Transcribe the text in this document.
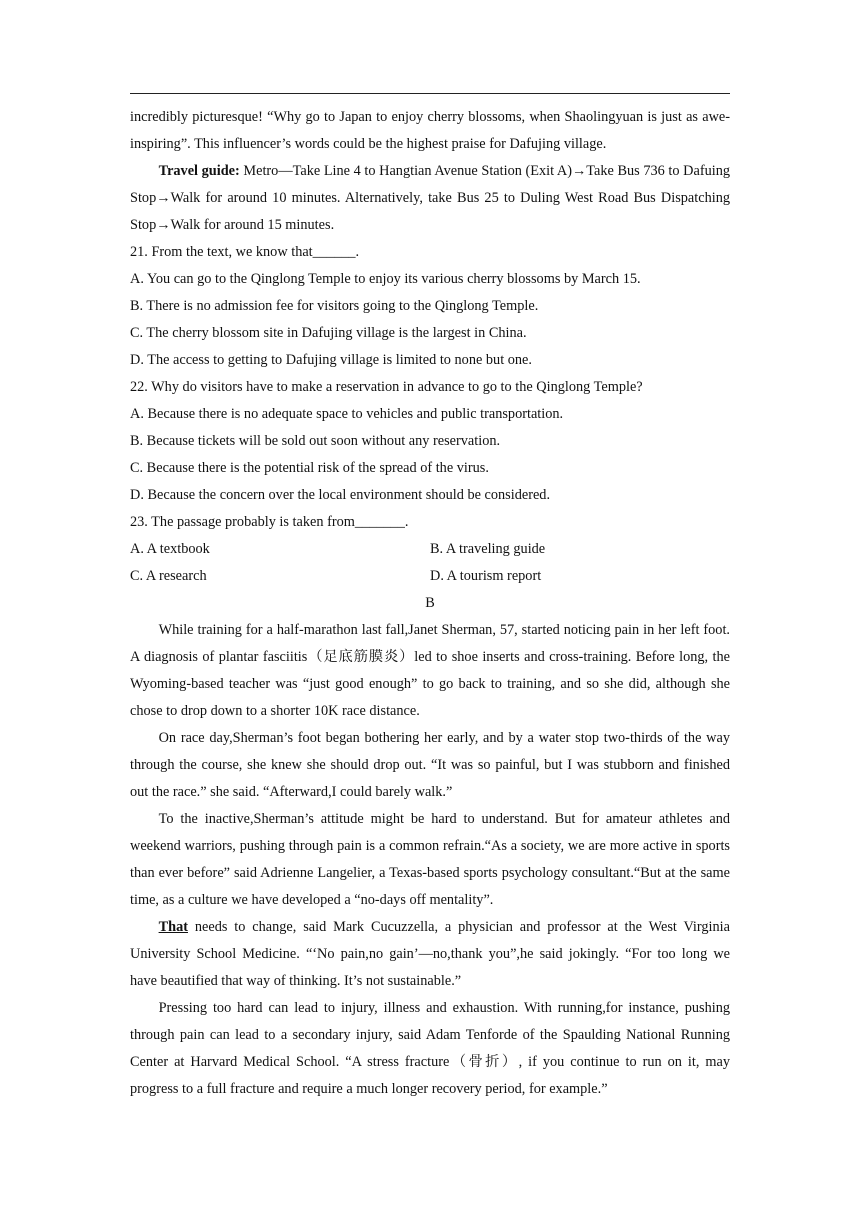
incredibly picturesque! “Why go to Japan to enjoy cherry blossoms, when Shaolingyuan is just as awe- inspiring”. This influencer’s words could be the highest praise for Dafujing village.

Travel guide: Metro—Take Line 4 to Hangtian Avenue Station (Exit A)→Take Bus 736 to Dafuing Stop→Walk for around 10 minutes. Alternatively, take Bus 25 to Duling West Road Bus Dispatching Stop→Walk for around 15 minutes.

21. From the text, we know that______.

A. You can go to the Qinglong Temple to enjoy its various cherry blossoms by March 15.

B. There is no admission fee for visitors going to the Qinglong Temple.

C. The cherry blossom site in Dafujing village is the largest in China.

D. The access to getting to Dafujing village is limited to none but one.

22. Why do visitors have to make a reservation in advance to go to the Qinglong Temple?

A. Because there is no adequate space to vehicles and public transportation.

B. Because tickets will be sold out soon without any reservation.

C. Because there is the potential risk of the spread of the virus.

D. Because the concern over the local environment should be considered.

23. The passage probably is taken from_______.

A. A textbook	B. A traveling guide
C. A research	D. A tourism report

B

While training for a half-marathon last fall,Janet Sherman, 57, started noticing pain in her left foot. A diagnosis of plantar fasciitis（足底筋膜炎）led to shoe inserts and cross-training. Before long, the Wyoming-based teacher was “just good enough” to go back to training, and so she did, although she chose to drop down to a shorter 10K race distance.

On race day,Sherman’s foot began bothering her early, and by a water stop two-thirds of the way through the course, she knew she should drop out. “It was so painful, but I was stubborn and finished out the race.” she said. “Afterward,I could barely walk.”

To the inactive,Sherman’s attitude might be hard to understand. But for amateur athletes and weekend warriors, pushing through pain is a common refrain.“As a society, we are more active in sports than ever before” said Adrienne Langelier, a Texas-based sports psychology consultant.“But at the same time, as a culture we have developed a “no-days off mentality”.

That needs to change, said Mark Cucuzzella, a physician and professor at the West Virginia University School Medicine. “‘No pain,no gain’—no,thank you”,he said jokingly. “For too long we have beautified that way of thinking. It’s not sustainable.”

Pressing too hard can lead to injury, illness and exhaustion. With running,for instance, pushing through pain can lead to a secondary injury, said Adam Tenforde of the Spaulding National Running Center at Harvard Medical School. “A stress fracture（骨折）, if you continue to run on it, may progress to a full fracture and require a much longer recovery period, for example.”
